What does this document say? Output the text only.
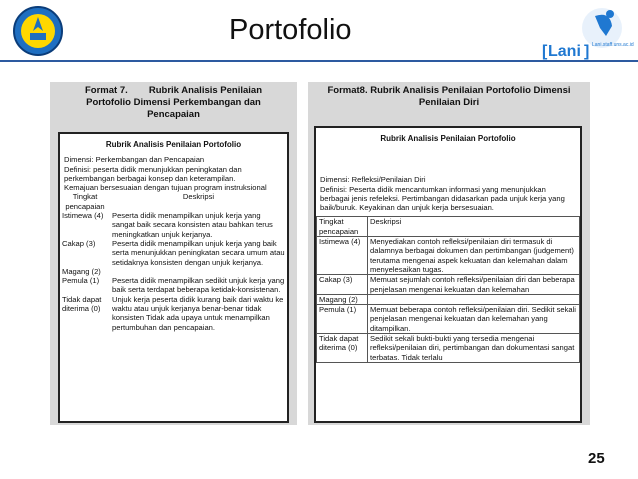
Portofolio
[ Lani ] Lani.staff.uns.ac.id
Format 7.        Rubrik Analisis Penilaian
Portofolio Dimensi Perkembangan dan
Pencapaian
Rubrik Analisis Penilaian Portofolio
Dimensi: Perkembangan dan Pencapaian
Definisi: peserta didik menunjukkan peningkatan dan perkembangan berbagai konsep dan keterampilan.
Kemajuan bersesuaian dengan tujuan program instruksional
Tingkat pencapaian	Deskripsi
Istimewa (4)	Peserta didik menampilkan unjuk kerja yang sangat baik secara konsisten atau bahkan terus meningkatkan unjuk kerjanya.
Cakap (3)	Peserta didik menampilkan unjuk kerja yang baik serta menunjukkan peningkatan secara umum atau setidaknya konsisten dengan unjuk kerjanya.
Magang (2)	
Pemula (1)	Peserta didik menampilkan sedikit unjuk kerja yang baik serta terdapat beberapa ketidak-konsistenan.
Tidak dapat diterima (0)	Unjuk kerja peserta didik kurang baik dari waktu ke waktu atau unjuk kerjanya benar-benar tidak konsisten Tidak ada upaya untuk menampilkan pertumbuhan dan pencapaian.
Format8. Rubrik Analisis Penilaian Portofolio Dimensi
Penilaian Diri
Rubrik Analisis Penilaian Portofolio
Dimensi: Refleksi/Penilaian Diri
Definisi: Peserta didik mencantumkan informasi yang menunjukkan berbagai jenis refeleksi. Pertimbangan didasarkan pada unjuk kerja yang baik/buruk. Keyakinan dan unjuk kerja bersesuaian.
Tingkat pencapaian	Deskripsi
Istimewa (4)	Menyediakan contoh refleksi/penilaian diri termasuk di dalamnya berbagai dokumen dan pertimbangan (judgement) terutama mengenai aspek kekuatan dan kelemahan dalam menyelesaikan tugas.
Cakap (3)	Memuat sejumlah contoh refleksi/penilaian diri dan beberapa penjelasan mengenai kekuatan dan kelemahan
Magang (2)	
Pemula (1)	Memuat beberapa contoh refleksi/penilaian diri. Sedikit sekali penjelasan mengenai kekuatan dan kelemahan yang ditampilkan.
Tidak dapat diterima (0)	Sedikit sekali bukti-bukti yang tersedia mengenai refleksi/penilaian diri, pertimbangan dan dokumentasi sangat terbatas. Tidak terlalu
25
